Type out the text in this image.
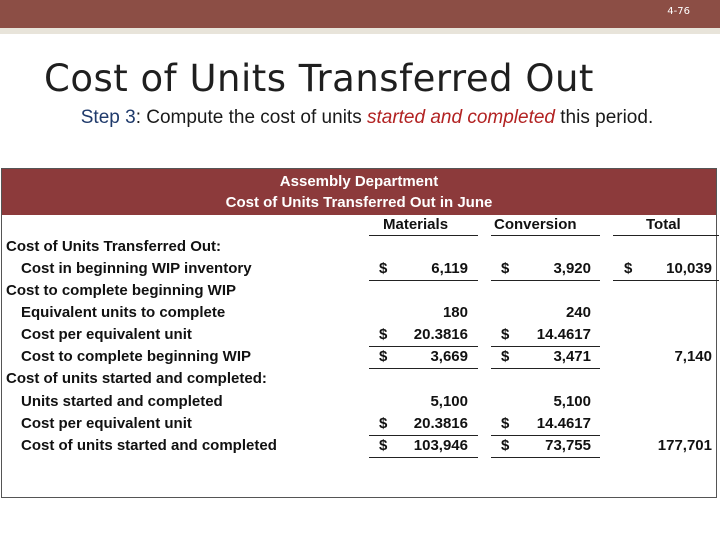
4-76
Cost of Units Transferred Out
Step 3: Compute the cost of units started and completed this period.
Assembly Department
Cost of Units Transferred Out in June
Materials	Conversion	Total
Cost of Units Transferred Out:
Cost in beginning WIP inventory	$	6,119 $	3,920 $	10,039
Cost to complete beginning WIP
Equivalent units to complete	180	240
Cost per equivalent unit	$	20.3816 $	14.4617
Cost to complete beginning WIP	$	3,669 $	3,471	7,140
Cost of units started and completed:
Units started and completed	5,100	5,100
Cost per equivalent unit	$	20.3816 $	14.4617
Cost of units started and completed	$	103,946 $	73,755	177,701
